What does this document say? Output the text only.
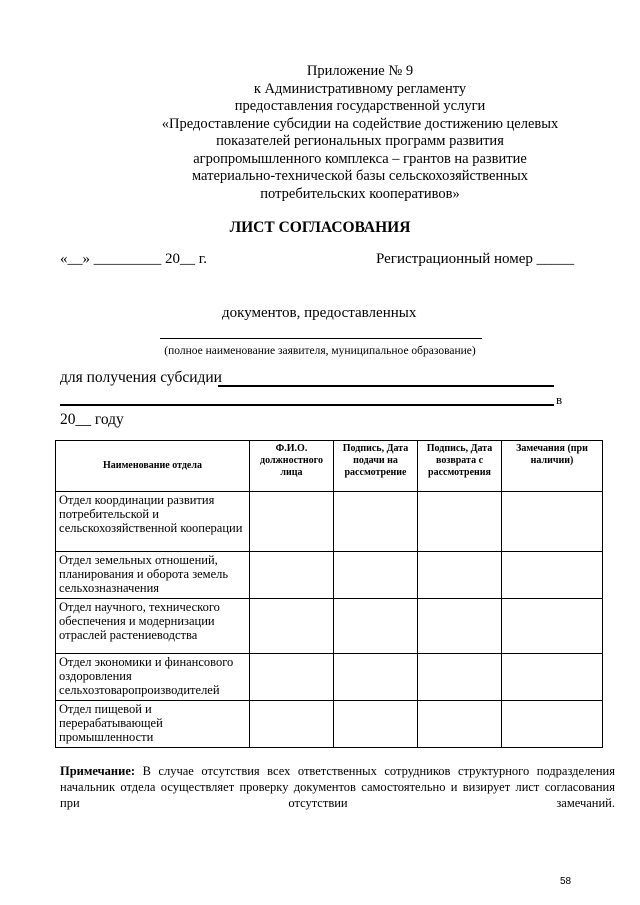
Приложение № 9
к Административному регламенту
предоставления государственной услуги
«Предоставление субсидии на содействие достижению целевых
показателей региональных программ развития
агропромышленного комплекса – грантов на развитие
материально-технической базы сельскохозяйственных
потребительских кооперативов»
ЛИСТ СОГЛАСОВАНИЯ
«__» _________ 20__ г.	Регистрационный номер _____
документов, предоставленных
(полное наименование заявителя, муниципальное образование)
для получения субсидии
в
20__ году
Наименование отдела	Ф.И.О. должностного лица	Подпись, Дата подачи на рассмотрение	Подпись, Дата возврата с рассмотрения	Замечания (при наличии)
Отдел координации развития потребительской и сельскохозяйственной кооперации				
Отдел земельных отношений, планирования и оборота земель сельхозназначения				
Отдел научного, технического обеспечения и модернизации отраслей растениеводства				
Отдел экономики и финансового оздоровления сельхозтоваропроизводителей				
Отдел пищевой и перерабатывающей промышленности				
Примечание: В случае отсутствия всех ответственных сотрудников структурного подразделения начальник отдела осуществляет проверку документов самостоятельно и визирует лист согласования при отсутствии замечаний.
58
